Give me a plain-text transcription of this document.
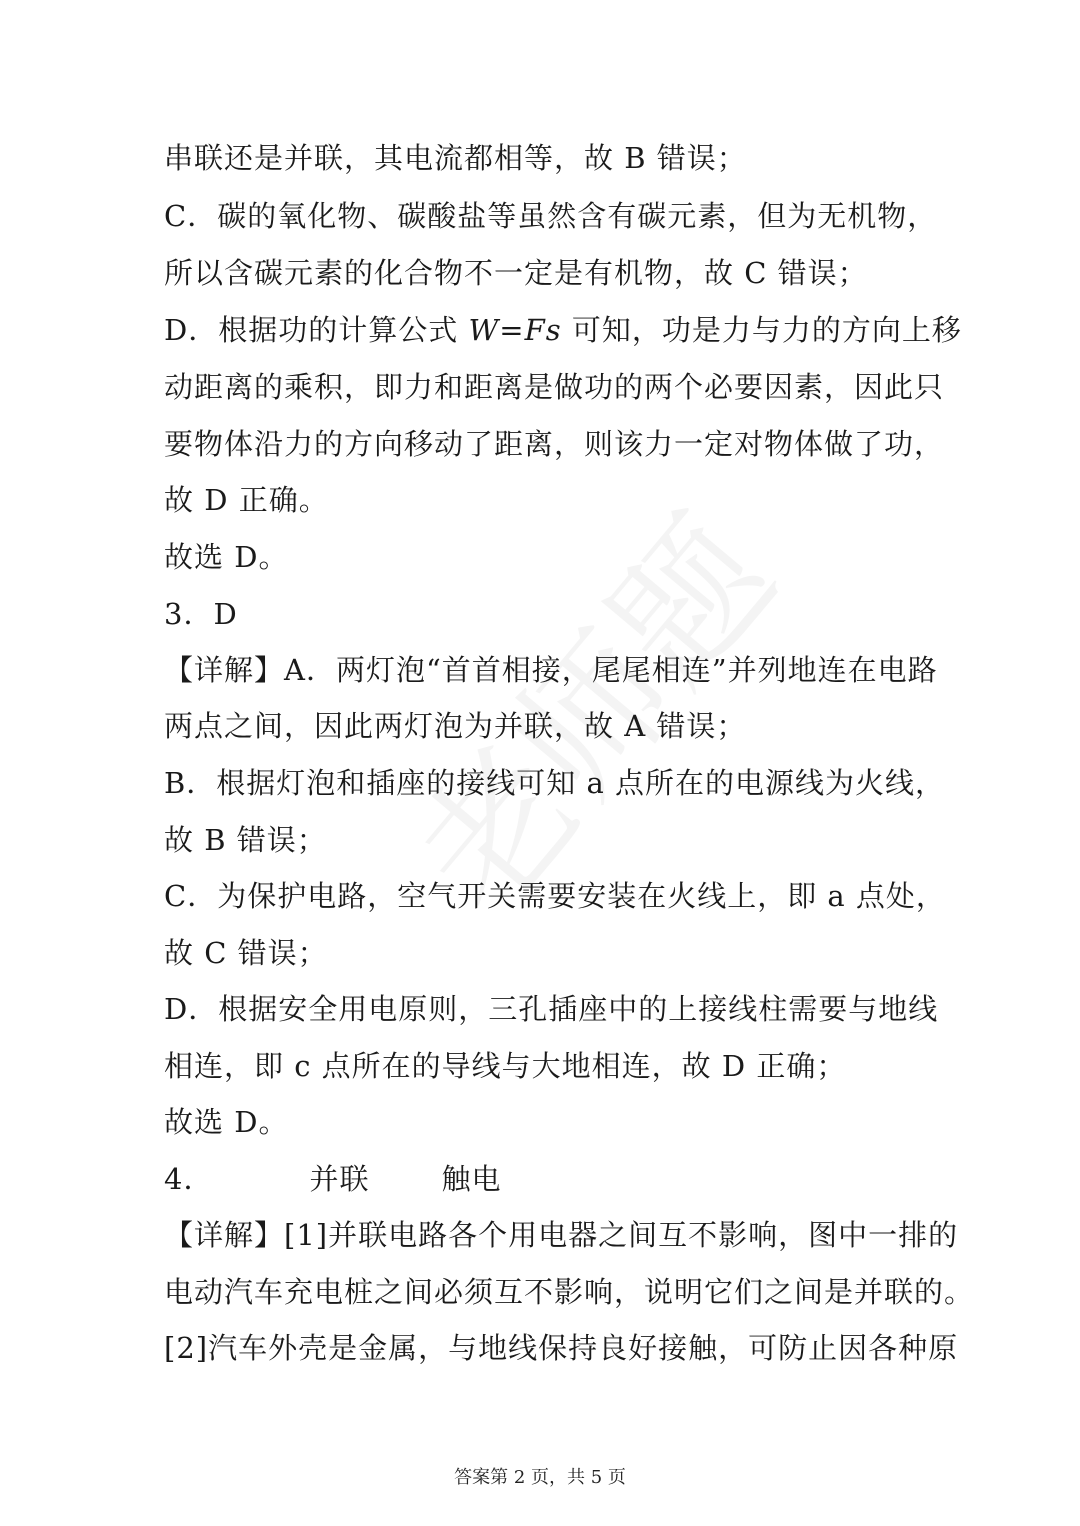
串联还是并联，其电流都相等，故 B 错误；
C．碳的氧化物、碳酸盐等虽然含有碳元素，但为无机物，
所以含碳元素的化合物不一定是有机物，故 C 错误；
D．根据功的计算公式 W=Fs 可知，功是力与力的方向上移
动距离的乘积，即力和距离是做功的两个必要因素，因此只
要物体沿力的方向移动了距离，则该力一定对物体做了功，
故 D 正确。
故选 D。
3．D
【详解】A．两灯泡“首首相接，尾尾相连”并列地连在电路
两点之间，因此两灯泡为并联，故 A 错误；
B．根据灯泡和插座的接线可知 a 点所在的电源线为火线，
故 B 错误；
C．为保护电路，空气开关需要安装在火线上，即 a 点处，
故 C 错误；
D．根据安全用电原则，三孔插座中的上接线柱需要与地线
相连，即 c 点所在的导线与大地相连，故 D 正确；
故选 D。
4．	并联 触电
【详解】[1]并联电路各个用电器之间互不影响，图中一排的
电动汽车充电桩之间必须互不影响，说明它们之间是并联的。
[2]汽车外壳是金属，与地线保持良好接触，可防止因各种原
答案第 2 页，共 5 页
